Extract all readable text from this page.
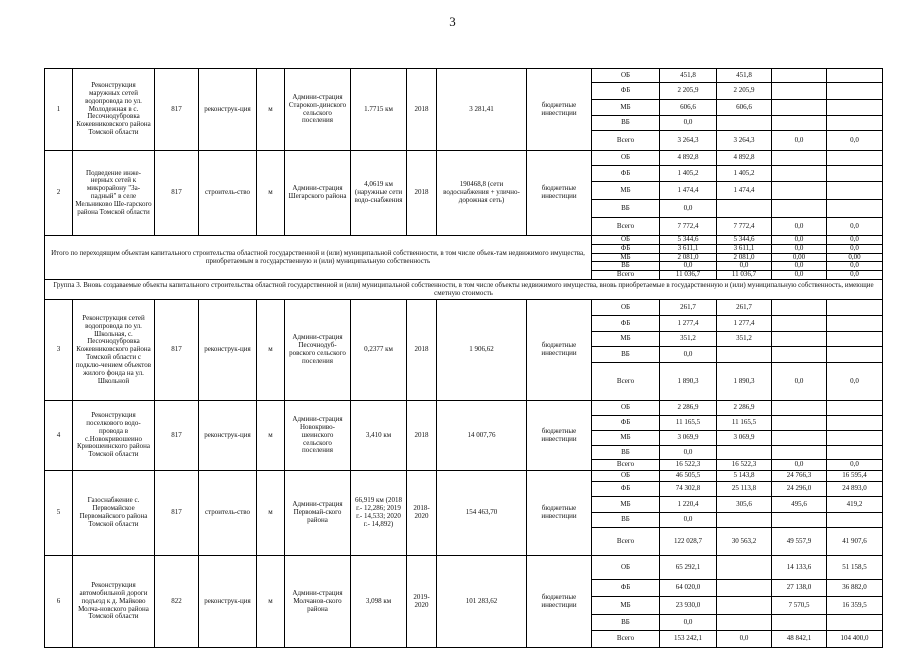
3
1	Реконструкция маружных сетей водопровода по ул. Молодежная в с. Песочнодубровка Кожевниковского района Томской области	817	реконструк-ция	м	Админи-страция Старокоп-динского сельского поселения	1.7715 км	2018	3 281,41	бюджетные инвестиции	ОБ	451,8	451,8		
										ФБ	2 205,9	2 205,9		
										МБ	606,6	606,6		
										ВБ	0,0			
										Всего	3 264,3	3 264,3	0,0	0,0
2	Подведение инже-нерных сетей к микрорайону "За-падный" в селе Мельниково Ше-гарского района Томской области	817	строитель-ство	м	Админи-страция Шегарского района	4,0619 км (наружные сети водо-снабжения	2018	190468,8 (сети водоснабжения + улично-дорожная сеть)	бюджетные инвестиции	ОБ	4 892,8	4 892,8		
										ФБ	1 405,2	1 405,2		
										МБ	1 474,4	1 474,4		
										ВБ	0,0			
										Всего	7 772,4	7 772,4	0,0	0,0
Итого по переходящим объектам капитального строительства областной государственной и (или) муниципальной собственности, в том числе объек-там недвижимого имущества, приобретаемым в государственную и (или) муниципальную собственность										ОБ	5 344,6	5 344,6	0,0	0,0
										ФБ	3 611,1	3 611,1	0,0	0,0
										МБ	2 081,0	2 081,0	0,00	0,00
										ВБ	0,0	0,0	0,0	0,0
										Всего	11 036,7	11 036,7	0,0	0,0
Группа 3. Вновь создаваемые объекты капитального строительства областной государственной и (или) муниципальной собственности, в том числе объекты недвижимого имущества, вновь приобретаемые в государственную и (или) муниципальную собственность, имеющие сметную стоимость														
3	Реконструкция сетей водопровода по ул. Школьная, с. Песочнодубровка Кожевниковского района Томской области с подклю-чением объектов жилого фонда на ул. Школьной	817	реконструк-ция	м	Админи-страция Песочнодуб-ровского сельского поселения	0,2377 км	2018	1 906,62	бюджетные инвестиции	ОБ	261,7	261,7		
										ФБ	1 277,4	1 277,4		
										МБ	351,2	351,2		
										ВБ	0,0			
										Всего	1 890,3	1 890,3	0,0	0,0
4	Реконструкция поселкового водо-провода в с.Новокривошеино Кривошеинского района Томской области	817	реконструк-ция	м	Админи-страция Новокриво-шеинского сельского поселения	3,410 км	2018	14 007,76	бюджетные инвестиции	ОБ	2 286,9	2 286,9		
										ФБ	11 165,5	11 165,5		
										МБ	3 069,9	3 069,9		
										ВБ	0,0			
										Всего	16 522,3	16 522,3	0,0	0,0
5	Газоснабжение с. Первомайское Первомайского района Томской области	817	строитель-ство	м	Админи-страция Первомай-ского района	66,919 км (2018 г.- 12,286; 2019 г.- 14,533; 2020 г.- 14,892)	2018-2020	154 463,70	бюджетные инвестиции	ОБ	46 505,5	5 143,8	24 766,3	16 595,4
										ФБ	74 302,8	25 113,8	24 296,0	24 893,0
										МБ	1 220,4	305,6	495,6	419,2
										ВБ	0,0			
										Всего	122 028,7	30 563,2	49 557,9	41 907,6
6	Реконструкция автомобильной дороги подъезд к д. Майково Молча-новского района Томской области	822	реконструк-ция	м	Админи-страция Молчанов-ского района	3,098 км	2019-2020	101 283,62	бюджетные инвестиции	ОБ	65 292,1		14 133,6	51 158,5
										ФБ	64 020,0		27 138,0	36 882,0
										МБ	23 930,0		7 570,5	16 359,5
										ВБ	0,0			
										Всего	153 242,1	0,0	48 842,1	104 400,0
